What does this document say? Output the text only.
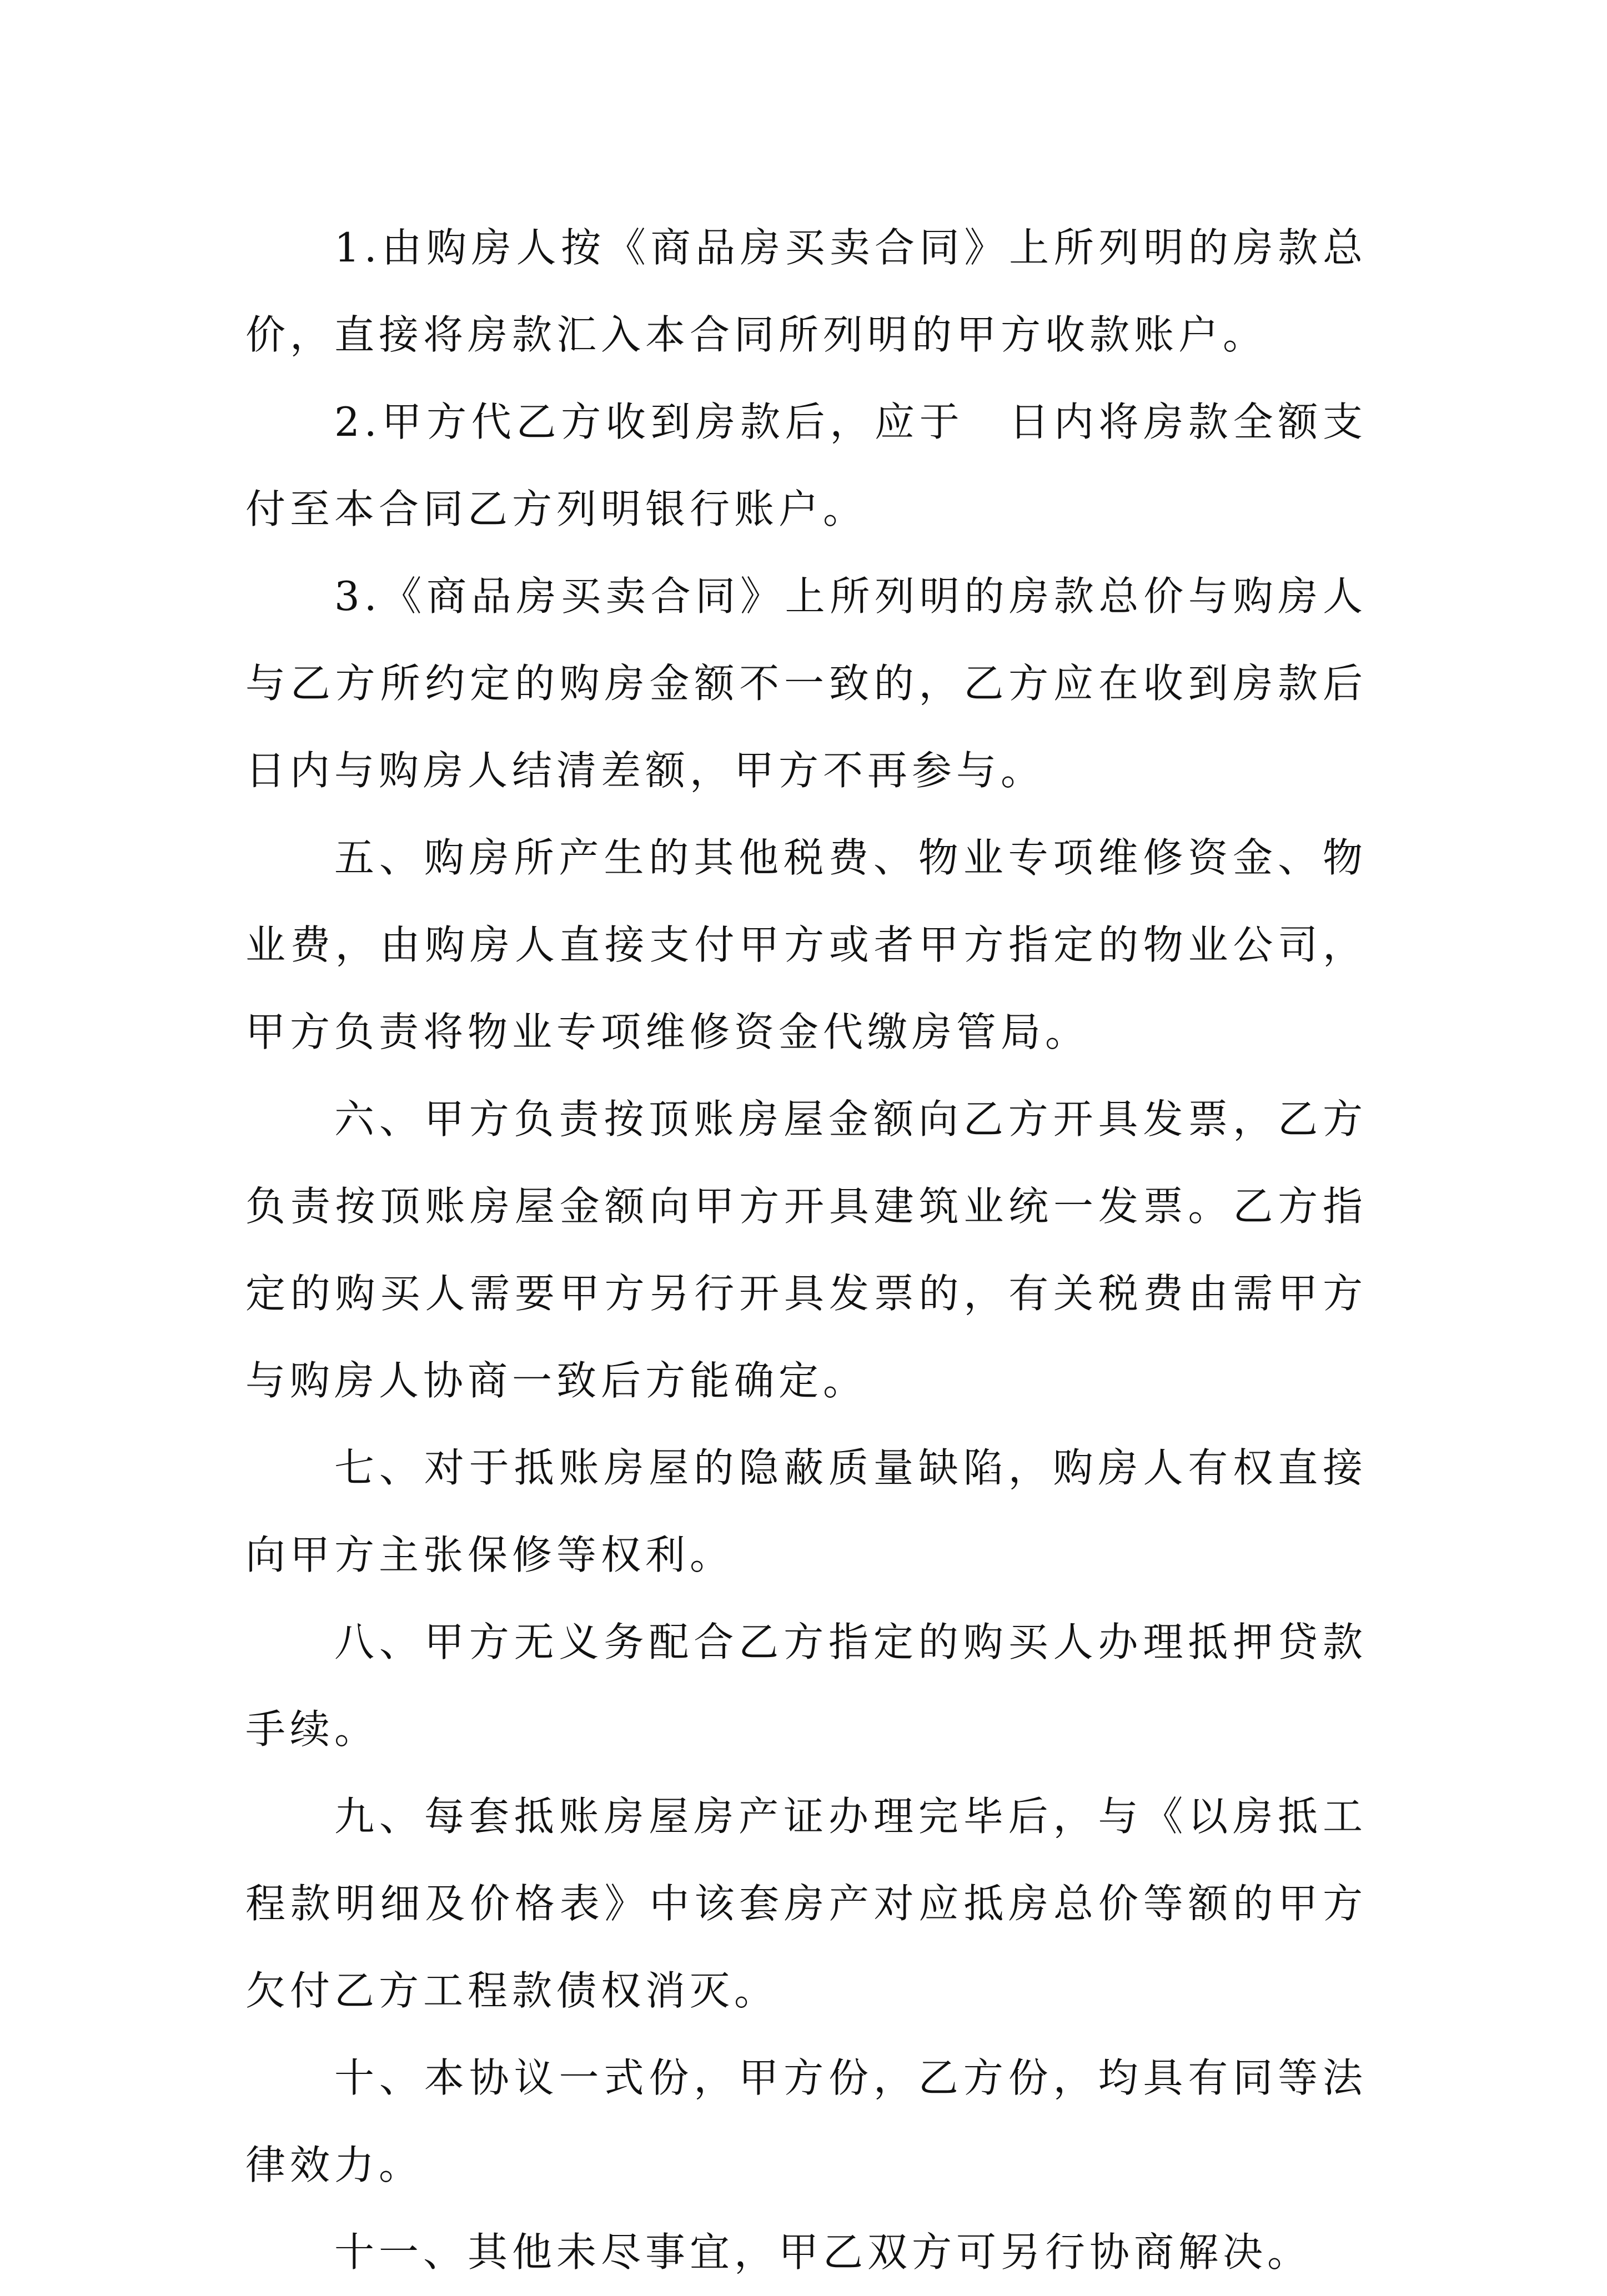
1.由购房人按《商品房买卖合同》上所列明的房款总价，直接将房款汇入本合同所列明的甲方收款账户。

2.甲方代乙方收到房款后，应于　日内将房款全额支付至本合同乙方列明银行账户。

3.《商品房买卖合同》上所列明的房款总价与购房人与乙方所约定的购房金额不一致的，乙方应在收到房款后　日内与购房人结清差额，甲方不再参与。

五、购房所产生的其他税费、物业专项维修资金、物业费，由购房人直接支付甲方或者甲方指定的物业公司，甲方负责将物业专项维修资金代缴房管局。

六、甲方负责按顶账房屋金额向乙方开具发票，乙方负责按顶账房屋金额向甲方开具建筑业统一发票。乙方指定的购买人需要甲方另行开具发票的，有关税费由需甲方与购房人协商一致后方能确定。

七、对于抵账房屋的隐蔽质量缺陷，购房人有权直接向甲方主张保修等权利。

八、甲方无义务配合乙方指定的购买人办理抵押贷款手续。

九、每套抵账房屋房产证办理完毕后，与《以房抵工程款明细及价格表》中该套房产对应抵房总价等额的甲方欠付乙方工程款债权消灭。

十、本协议一式份，甲方份，乙方份，均具有同等法律效力。

十一、其他未尽事宜，甲乙双方可另行协商解决。
